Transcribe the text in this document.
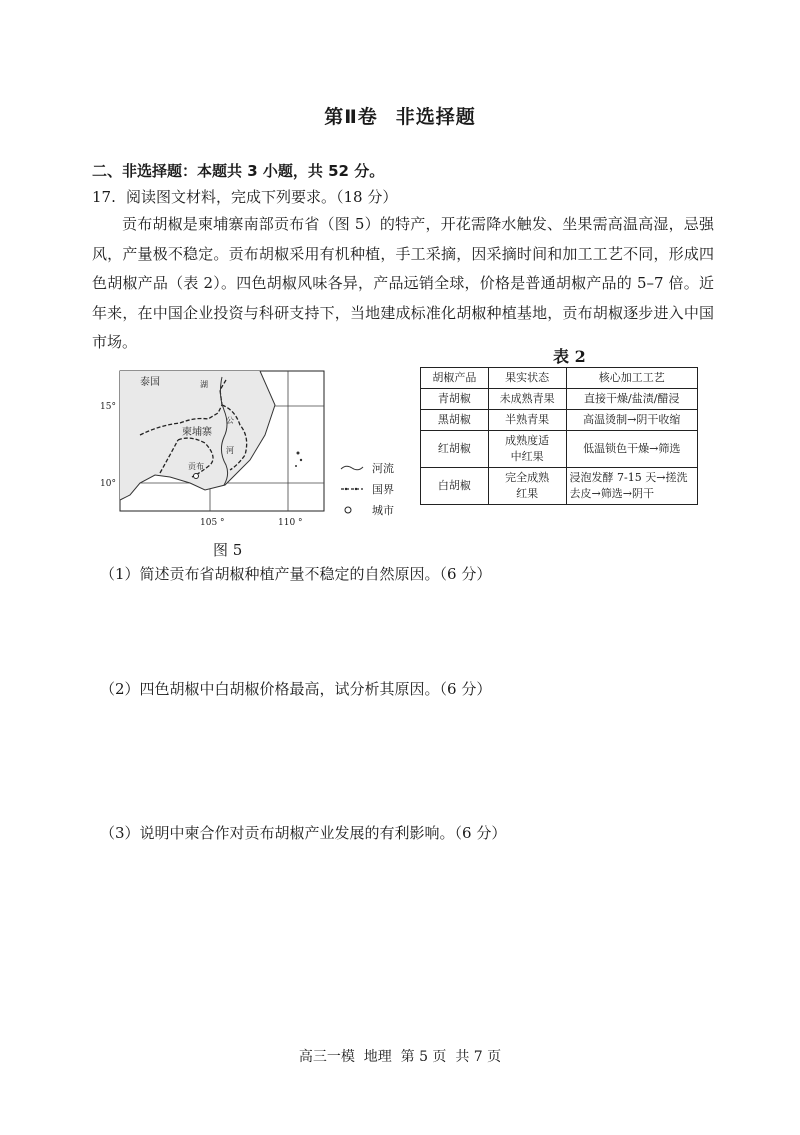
第Ⅱ卷 非选择题
二、非选择题：本题共 3 小题，共 52 分。
17. 阅读图文材料，完成下列要求。（18 分）
贡布胡椒是柬埔寨南部贡布省（图 5）的特产，开花需降水触发、坐果需高温高湿，忌强风，产量极不稳定。贡布胡椒采用有机种植，手工采摘，因采摘时间和加工工艺不同，形成四色胡椒产品（表 2）。四色胡椒风味各异，产品远销全球，价格是普通胡椒产品的 5–7 倍。近年来，在中国企业投资与科研支持下，当地建成标准化胡椒种植基地，贡布胡椒逐步进入中国市场。
表 2
泰国
柬埔寨
贡布
湖
公
河
15°
10°
105 °	110 °
河流
国界
城市
图 5
胡椒产品	果实状态	核心加工工艺
青胡椒	未成熟青果	直接干燥/盐渍/醋浸
黑胡椒	半熟青果	高温烫制→阴干收缩
红胡椒	成熟度适中红果	低温锁色干燥→筛选
白胡椒	完全成熟红果	浸泡发酵 7-15 天→搓洗去皮→筛选→阴干
（1）简述贡布省胡椒种植产量不稳定的自然原因。（6 分）
（2）四色胡椒中白胡椒价格最高，试分析其原因。（6 分）
（3）说明中柬合作对贡布胡椒产业发展的有利影响。（6 分）
高三一模  地理  第 5 页  共 7 页
